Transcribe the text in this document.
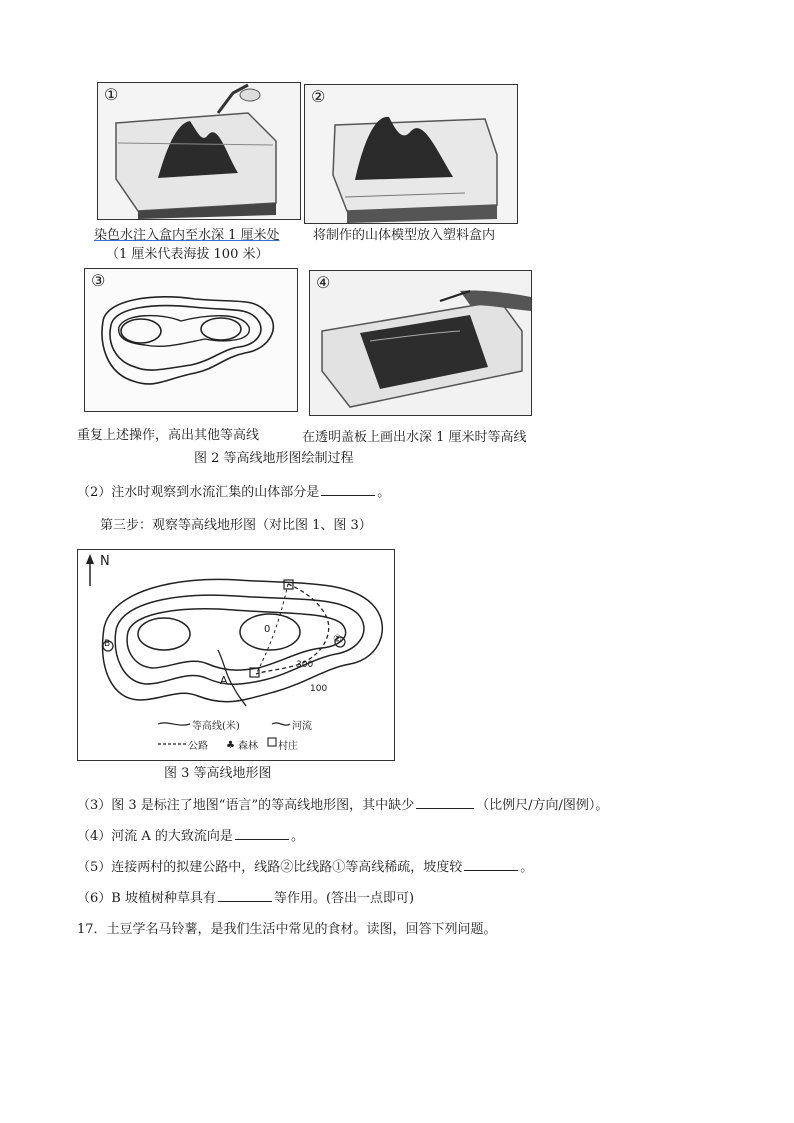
①
染色水注入盒内至水深 1 厘米处
（1 厘米代表海拔 100 米）
②
将制作的山体模型放入塑料盒内
③
重复上述操作，高出其他等高线
④
在透明盖板上画出水深 1 厘米时等高线
图 2 等高线地形图绘制过程
（2）注水时观察到水流汇集的山体部分是	。
第三步：观察等高线地形图（对比图 1、图 3）
♣
N
0
B	②
A
300
100
等高线(米)	河流
公路	森林 村庄
图 3 等高线地形图
（3）图 3 是标注了地图“语言”的等高线地形图，其中缺少	（比例尺/方向/图例）。
（4）河流 A 的大致流向是	。
（5）连接两村的拟建公路中，线路②比线路①等高线稀疏，坡度较	。
（6）B 坡植树种草具有	等作用。(答出一点即可)
17．土豆学名马铃薯，是我们生活中常见的食材。读图，回答下列问题。
